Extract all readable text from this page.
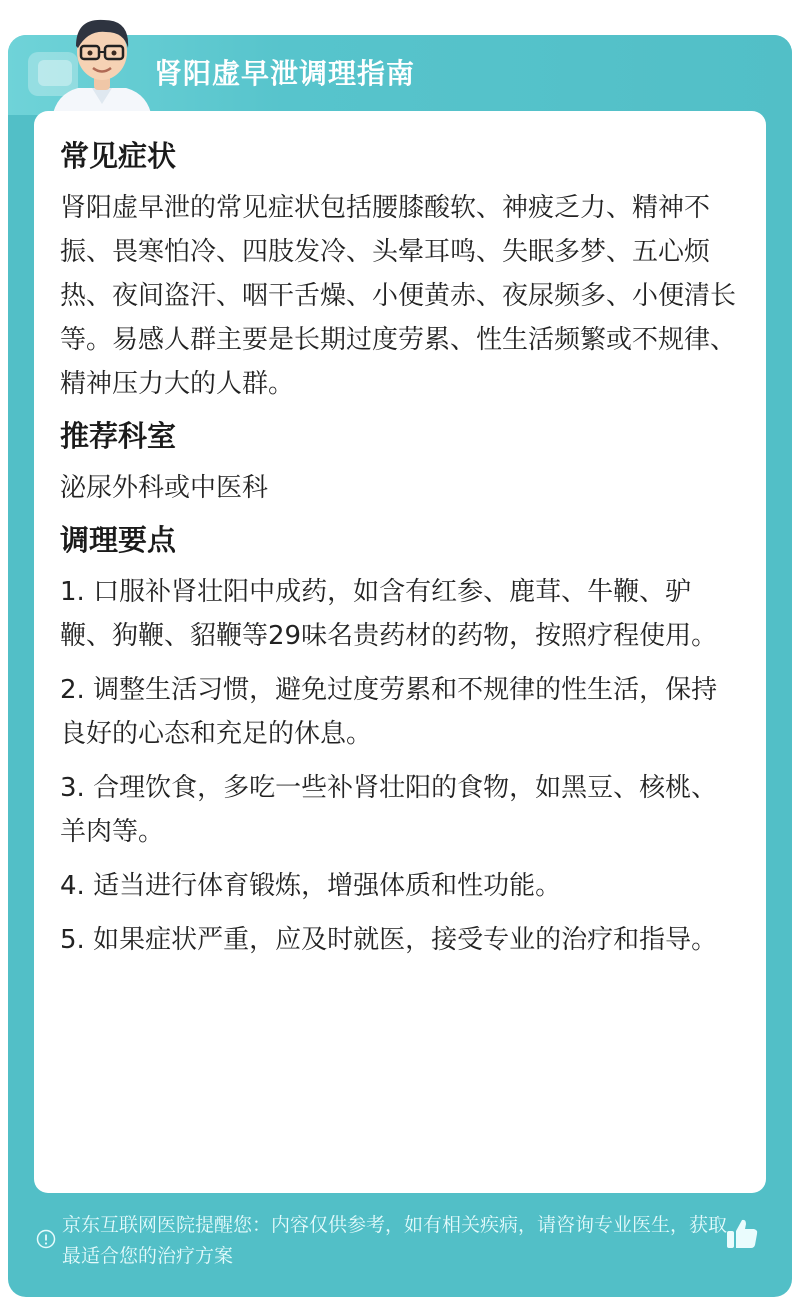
肾阳虚早泄调理指南
常见症状
肾阳虚早泄的常见症状包括腰膝酸软、神疲乏力、精神不振、畏寒怕冷、四肢发冷、头晕耳鸣、失眠多梦、五心烦热、夜间盗汗、咽干舌燥、小便黄赤、夜尿频多、小便清长等。易感人群主要是长期过度劳累、性生活频繁或不规律、精神压力大的人群。
推荐科室
泌尿外科或中医科
调理要点
1. 口服补肾壮阳中成药，如含有红参、鹿茸、牛鞭、驴鞭、狗鞭、貂鞭等29味名贵药材的药物，按照疗程使用。
2. 调整生活习惯，避免过度劳累和不规律的性生活，保持良好的心态和充足的休息。
3. 合理饮食，多吃一些补肾壮阳的食物，如黑豆、核桃、羊肉等。
4. 适当进行体育锻炼，增强体质和性功能。
5. 如果症状严重，应及时就医，接受专业的治疗和指导。
京东互联网医院提醒您：内容仅供参考，如有相关疾病，请咨询专业医生，获取最适合您的治疗方案
